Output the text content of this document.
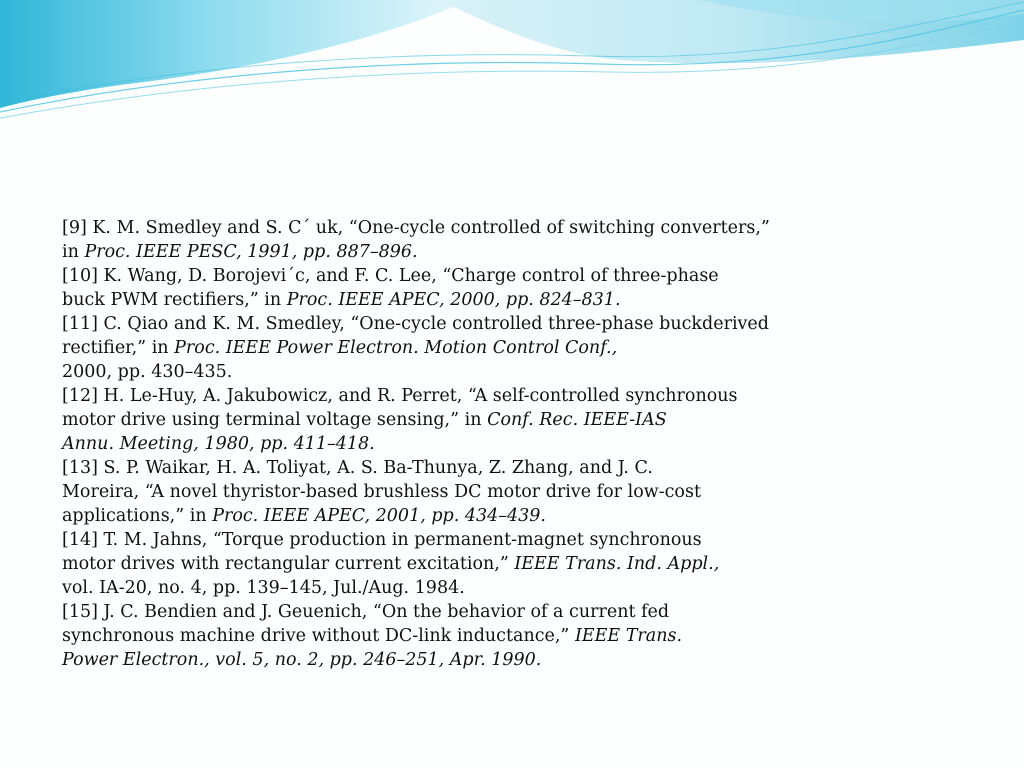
[9] K. M. Smedley and S. C´ uk, “One-cycle controlled of switching converters,”
in Proc. IEEE PESC, 1991, pp. 887–896.
[10] K. Wang, D. Borojevi´c, and F. C. Lee, “Charge control of three-phase
buck PWM rectifiers,” in Proc. IEEE APEC, 2000, pp. 824–831.
[11] C. Qiao and K. M. Smedley, “One-cycle controlled three-phase buckderived
rectifier,” in Proc. IEEE Power Electron. Motion Control Conf.,
2000, pp. 430–435.
[12] H. Le-Huy, A. Jakubowicz, and R. Perret, “A self-controlled synchronous
motor drive using terminal voltage sensing,” in Conf. Rec. IEEE-IAS
Annu. Meeting, 1980, pp. 411–418.
[13] S. P. Waikar, H. A. Toliyat, A. S. Ba-Thunya, Z. Zhang, and J. C.
Moreira, “A novel thyristor-based brushless DC motor drive for low-cost
applications,” in Proc. IEEE APEC, 2001, pp. 434–439.
[14] T. M. Jahns, “Torque production in permanent-magnet synchronous
motor drives with rectangular current excitation,” IEEE Trans. Ind. Appl.,
vol. IA-20, no. 4, pp. 139–145, Jul./Aug. 1984.
[15] J. C. Bendien and J. Geuenich, “On the behavior of a current fed
synchronous machine drive without DC-link inductance,” IEEE Trans.
Power Electron., vol. 5, no. 2, pp. 246–251, Apr. 1990.
